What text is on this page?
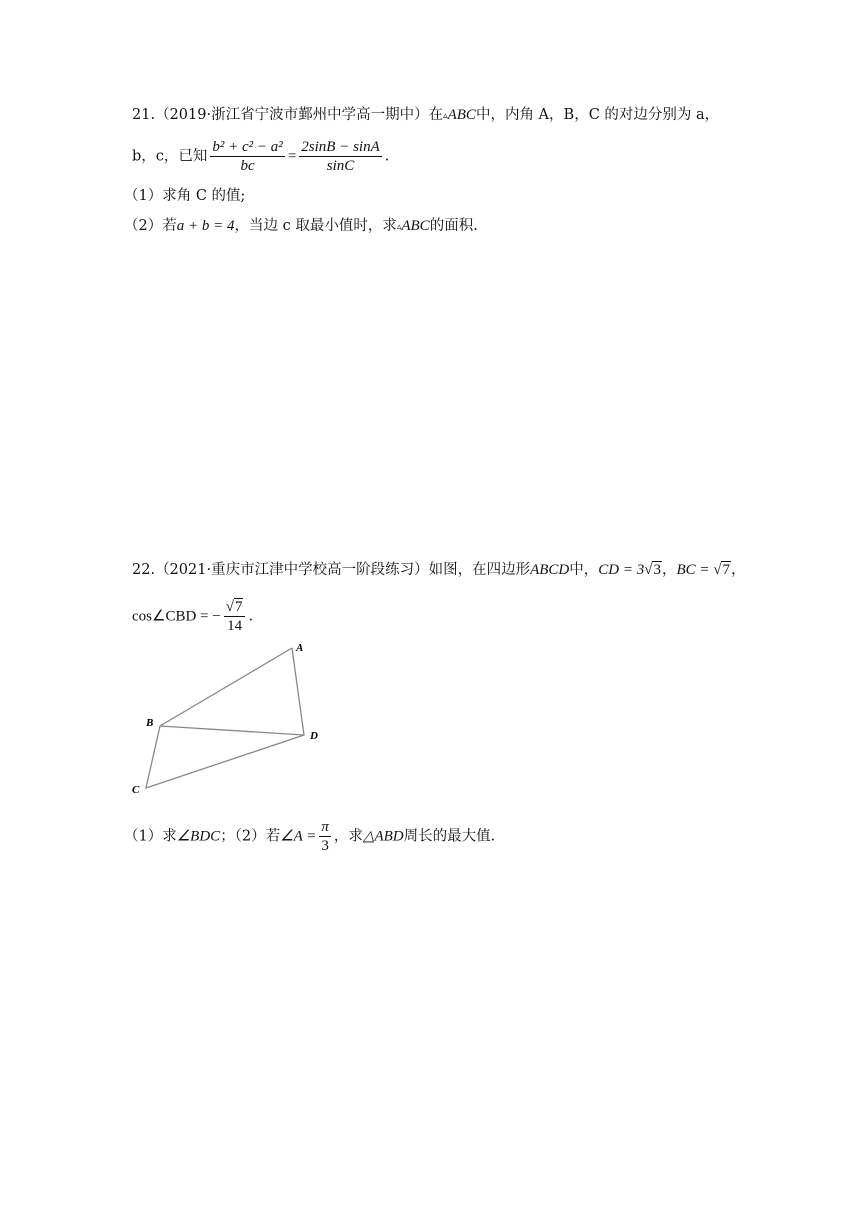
21.（2019·浙江省宁波市鄞州中学高一期中）在▵ABC中，内角 A，B，C 的对边分别为 a，
b，c，已知 $\frac{\text{b² + c² − a²}}{bc} = \frac{2\sin B - \sin A}{\sin C}$ .
（1）求角 C 的值;
（2）若a + b = 4，当边 c 取最小值时，求▵ABC的面积.
22.（2021·重庆市江津中学校高一阶段练习）如图，在四边形ABCD中，CD = 3√3，BC = √7，
cos∠CBD = − $\frac{√7}{14}$ .
A
B
C
D
（1）求∠BDC；（2）若∠A = $\frac{\pi}{3}$ ，求△ABD周长的最大值.
